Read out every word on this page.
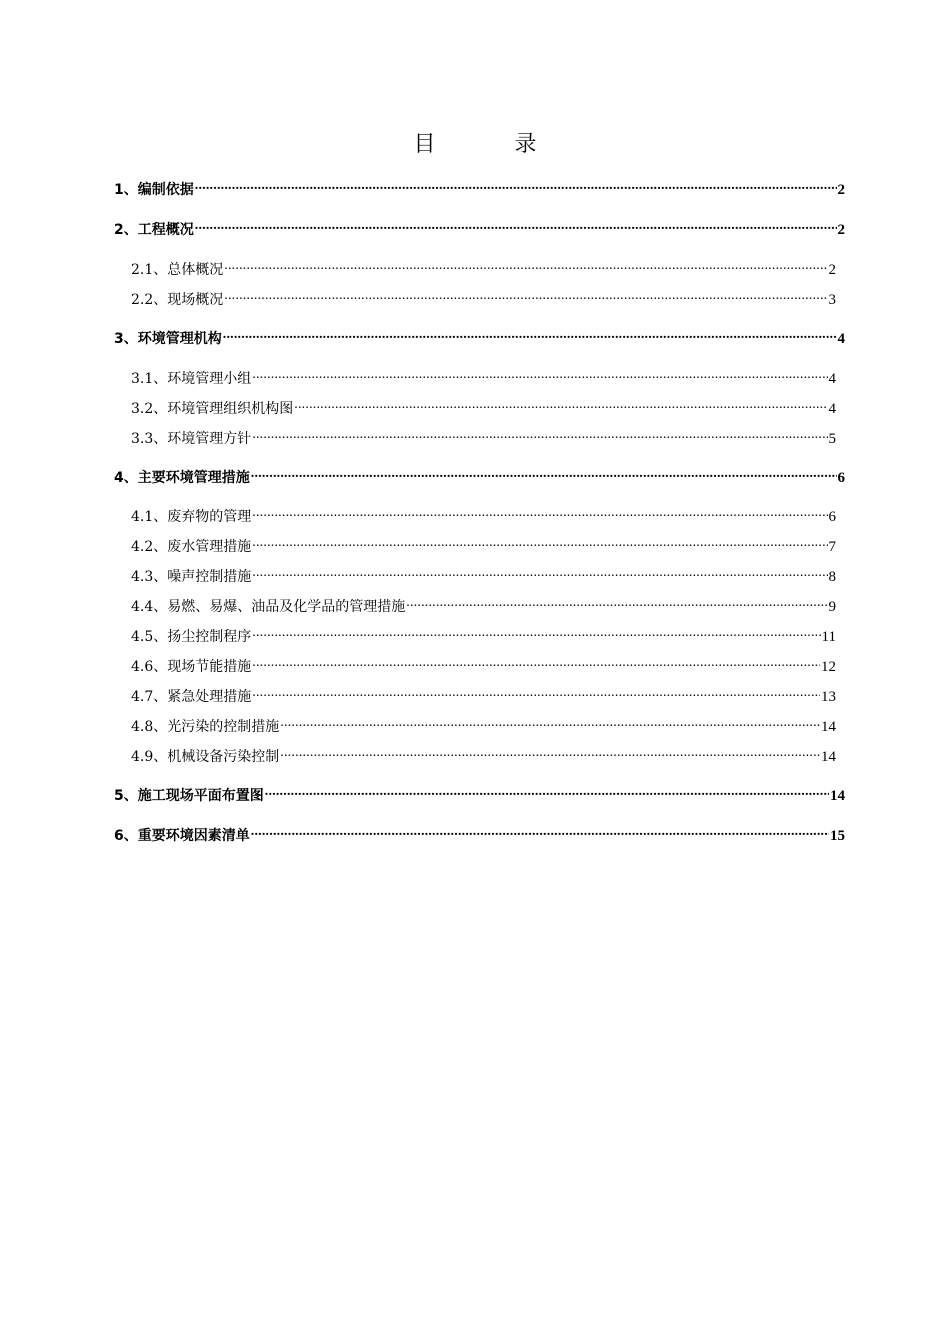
目 录
1、编制依据 .....	2
2、工程概况 .....	2
2.1、总体概况 .....	2
2.2、现场概况 .....	3
3、环境管理机构 .....	4
3.1、环境管理小组 .....	4
3.2、环境管理组织机构图 .....	4
3.3、环境管理方针 .....	5
4、主要环境管理措施 .....	6
4.1、废弃物的管理 .....	6
4.2、废水管理措施 .....	7
4.3、噪声控制措施 .....	8
4.4、易燃、易爆、油品及化学品的管理措施 .....	9
4.5、扬尘控制程序 .....	11
4.6、现场节能措施 .....	12
4.7、紧急处理措施 .....	13
4.8、光污染的控制措施 .....	14
4.9、机械设备污染控制 .....	14
5、施工现场平面布置图 .....	14
6、重要环境因素清单 .....	15
